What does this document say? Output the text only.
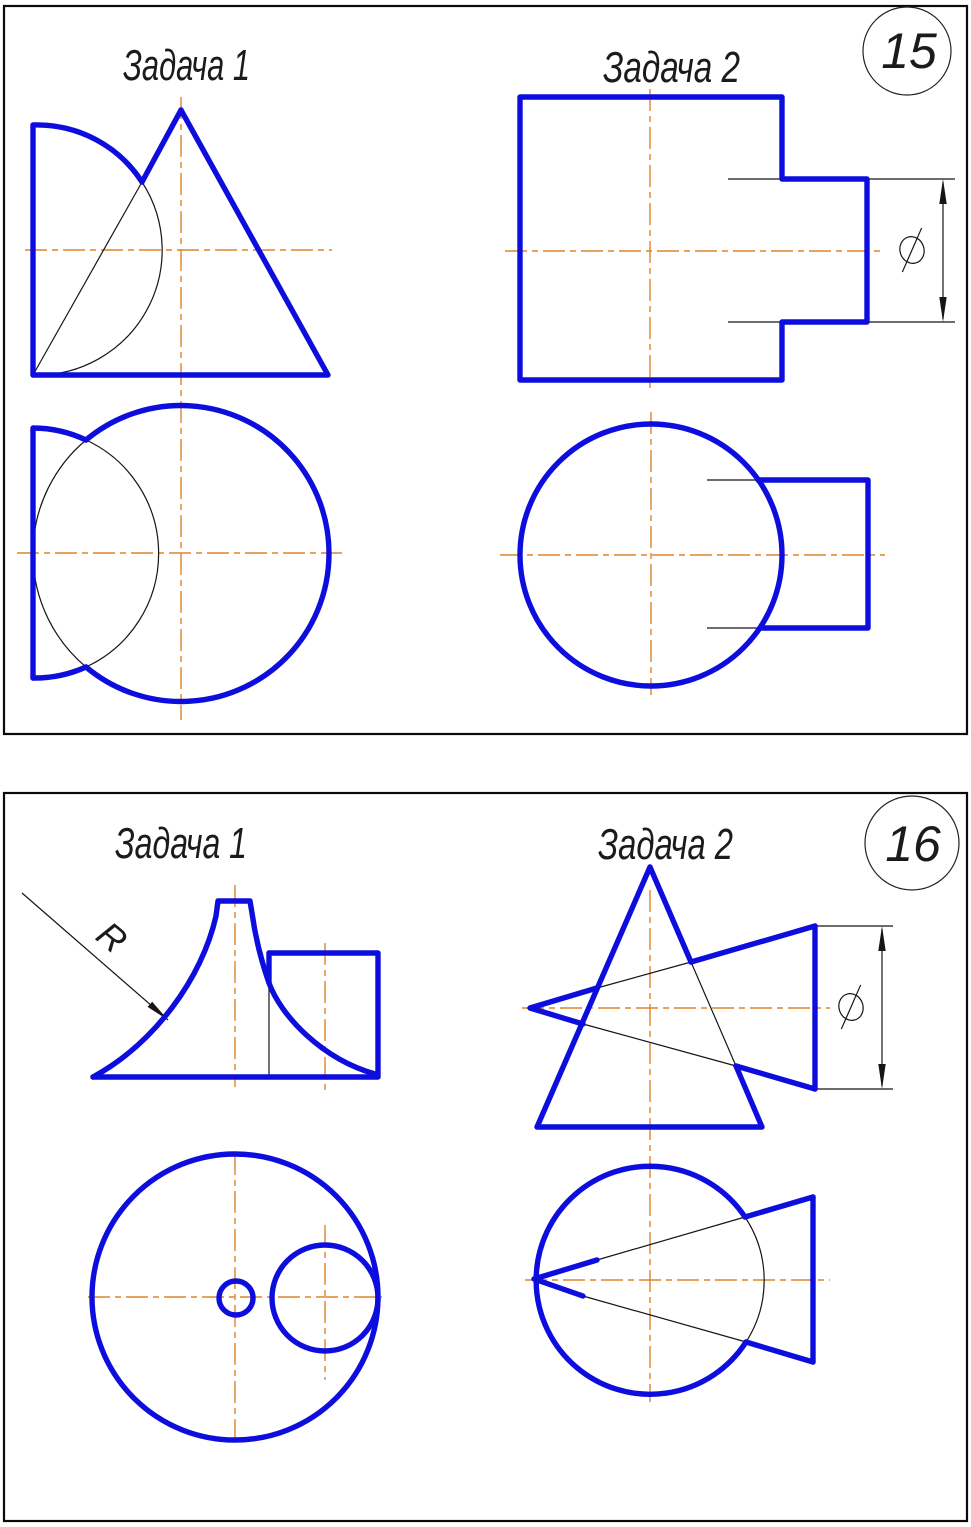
15
Задача 1	Задача 2
16
Задача 1	Задача 2
R
